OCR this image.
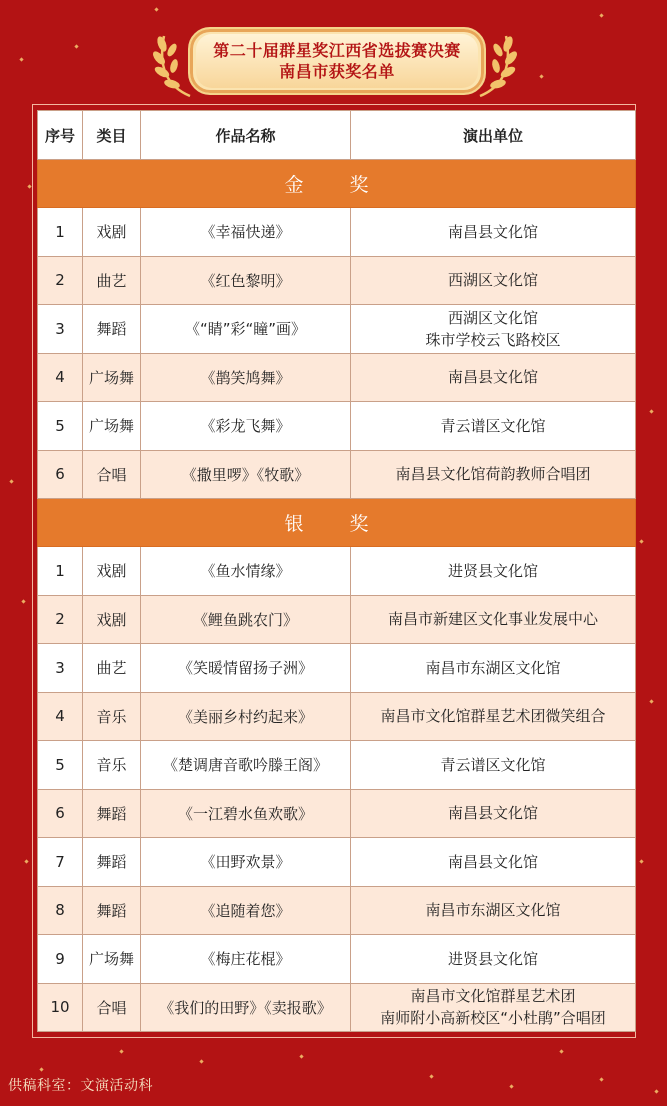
第二十届群星奖江西省选拔赛决赛
南昌市获奖名单
序号	类目	作品名称	演出单位
金 奖			
1	戏剧	《幸福快递》	南昌县文化馆

2	曲艺	《红色黎明》	西湖区文化馆

3	舞蹈	《“睛”彩“瞳”画》	西湖区文化馆
珠市学校云飞路校区

4	广场舞	《鹊笑鸠舞》	南昌县文化馆

5	广场舞	《彩龙飞舞》	青云谱区文化馆

6	合唱	《撒里啰》《牧歌》	南昌县文化馆荷韵教师合唱团

银 奖			
1	戏剧	《鱼水情缘》	进贤县文化馆

2	戏剧	《鲤鱼跳农门》	南昌市新建区文化事业发展中心

3	曲艺	《笑暖情留扬子洲》	南昌市东湖区文化馆

4	音乐	《美丽乡村约起来》	南昌市文化馆群星艺术团微笑组合

5	音乐	《楚调唐音歌吟滕王阁》	青云谱区文化馆

6	舞蹈	《一江碧水鱼欢歌》	南昌县文化馆

7	舞蹈	《田野欢景》	南昌县文化馆

8	舞蹈	《追随着您》	南昌市东湖区文化馆

9	广场舞	《梅庄花棍》	进贤县文化馆

10	合唱	《我们的田野》《卖报歌》	南昌市文化馆群星艺术团
南师附小高新校区“小杜鹃”合唱团
供稿科室：文演活动科
